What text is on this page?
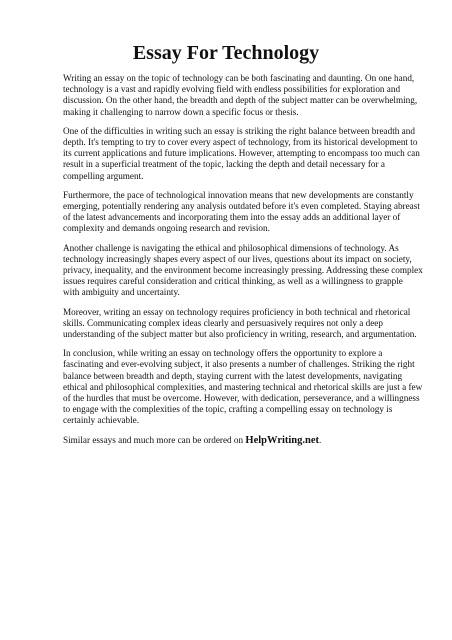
Essay For Technology

Writing an essay on the topic of technology can be both fascinating and daunting. On one hand,
technology is a vast and rapidly evolving field with endless possibilities for exploration and
discussion. On the other hand, the breadth and depth of the subject matter can be overwhelming,
making it challenging to narrow down a specific focus or thesis.

One of the difficulties in writing such an essay is striking the right balance between breadth and
depth. It's tempting to try to cover every aspect of technology, from its historical development to
its current applications and future implications. However, attempting to encompass too much can
result in a superficial treatment of the topic, lacking the depth and detail necessary for a
compelling argument.

Furthermore, the pace of technological innovation means that new developments are constantly
emerging, potentially rendering any analysis outdated before it's even completed. Staying abreast
of the latest advancements and incorporating them into the essay adds an additional layer of
complexity and demands ongoing research and revision.

Another challenge is navigating the ethical and philosophical dimensions of technology. As
technology increasingly shapes every aspect of our lives, questions about its impact on society,
privacy, inequality, and the environment become increasingly pressing. Addressing these complex
issues requires careful consideration and critical thinking, as well as a willingness to grapple
with ambiguity and uncertainty.

Moreover, writing an essay on technology requires proficiency in both technical and rhetorical
skills. Communicating complex ideas clearly and persuasively requires not only a deep
understanding of the subject matter but also proficiency in writing, research, and argumentation.

In conclusion, while writing an essay on technology offers the opportunity to explore a
fascinating and ever-evolving subject, it also presents a number of challenges. Striking the right
balance between breadth and depth, staying current with the latest developments, navigating
ethical and philosophical complexities, and mastering technical and rhetorical skills are just a few
of the hurdles that must be overcome. However, with dedication, perseverance, and a willingness
to engage with the complexities of the topic, crafting a compelling essay on technology is
certainly achievable.

Similar essays and much more can be ordered on HelpWriting.net.
